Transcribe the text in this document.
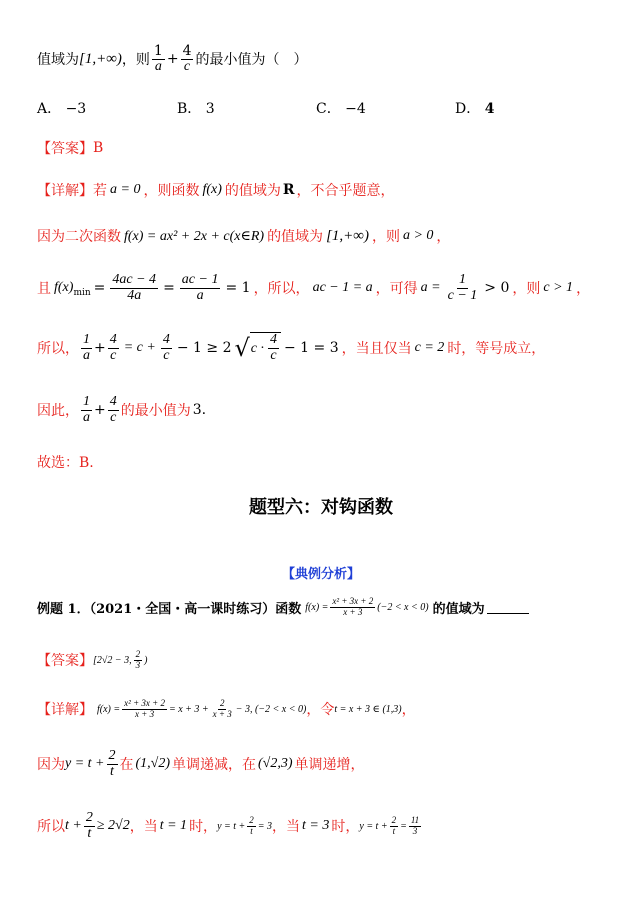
值域为 [1,+∞) ，则 $\frac{1}{a} + \frac{4}{c}$ 的最小值为（　）
A． −3	B． 3	C． −4	D． 4
【答案】 B
【详解】 若 a = 0 ，则函数 f(x) 的值域为 R ，不合乎题意，
因为二次函数 f(x) = ax² + 2x + c(x∈R) 的值域为 [1,+∞) ，则 a > 0 ，
且 $f(x)_{min} = \frac{4ac - 4}{4a} = \frac{ac - 1}{a} = 1$ ，所以， ac − 1 = a ，可得 $a = \frac{1}{c - 1} > 0$ ，则 c > 1 ，
所以， $\frac{1}{a} + \frac{4}{c} = c + \frac{4}{c} - 1 \ge 2$ √ $c \cdot \frac{4}{c} - 1 = 3$ ，当且仅当 c = 2 时，等号成立，
因此， $\frac{1}{a} + \frac{4}{c}$ 的最小值为 3.
故选：B.
题型六：对钩函数
【典例分析】
例题 1．（2021・全国・高一课时练习）函数 $f(x) = \frac{\text{x² + 3x + 2}}{x + 3} (-2 < x < 0)$ 的值域为
【答案】 [2√2 − 3, $\frac{2}{3}$ )
【详解】 $f(x) = \frac{\text{x² + 3x + 2}}{x + 3} = x + 3 + \frac{2}{x + 3} - 3$, (−2 < x < 0) ，令 t = x + 3 ∈ (1,3) ，
因为 $y = t + \frac{2}{t}$ 在 (1,√2) 单调递减，在 (√2,3) 单调递增，
所以 $t + \frac{2}{t} \ge 2√2$ ，当 t = 1 时， $y = t + \frac{2}{t} = 3$ ，当 t = 3 时， $y = t + \frac{2}{t} = \frac{11}{3}$
